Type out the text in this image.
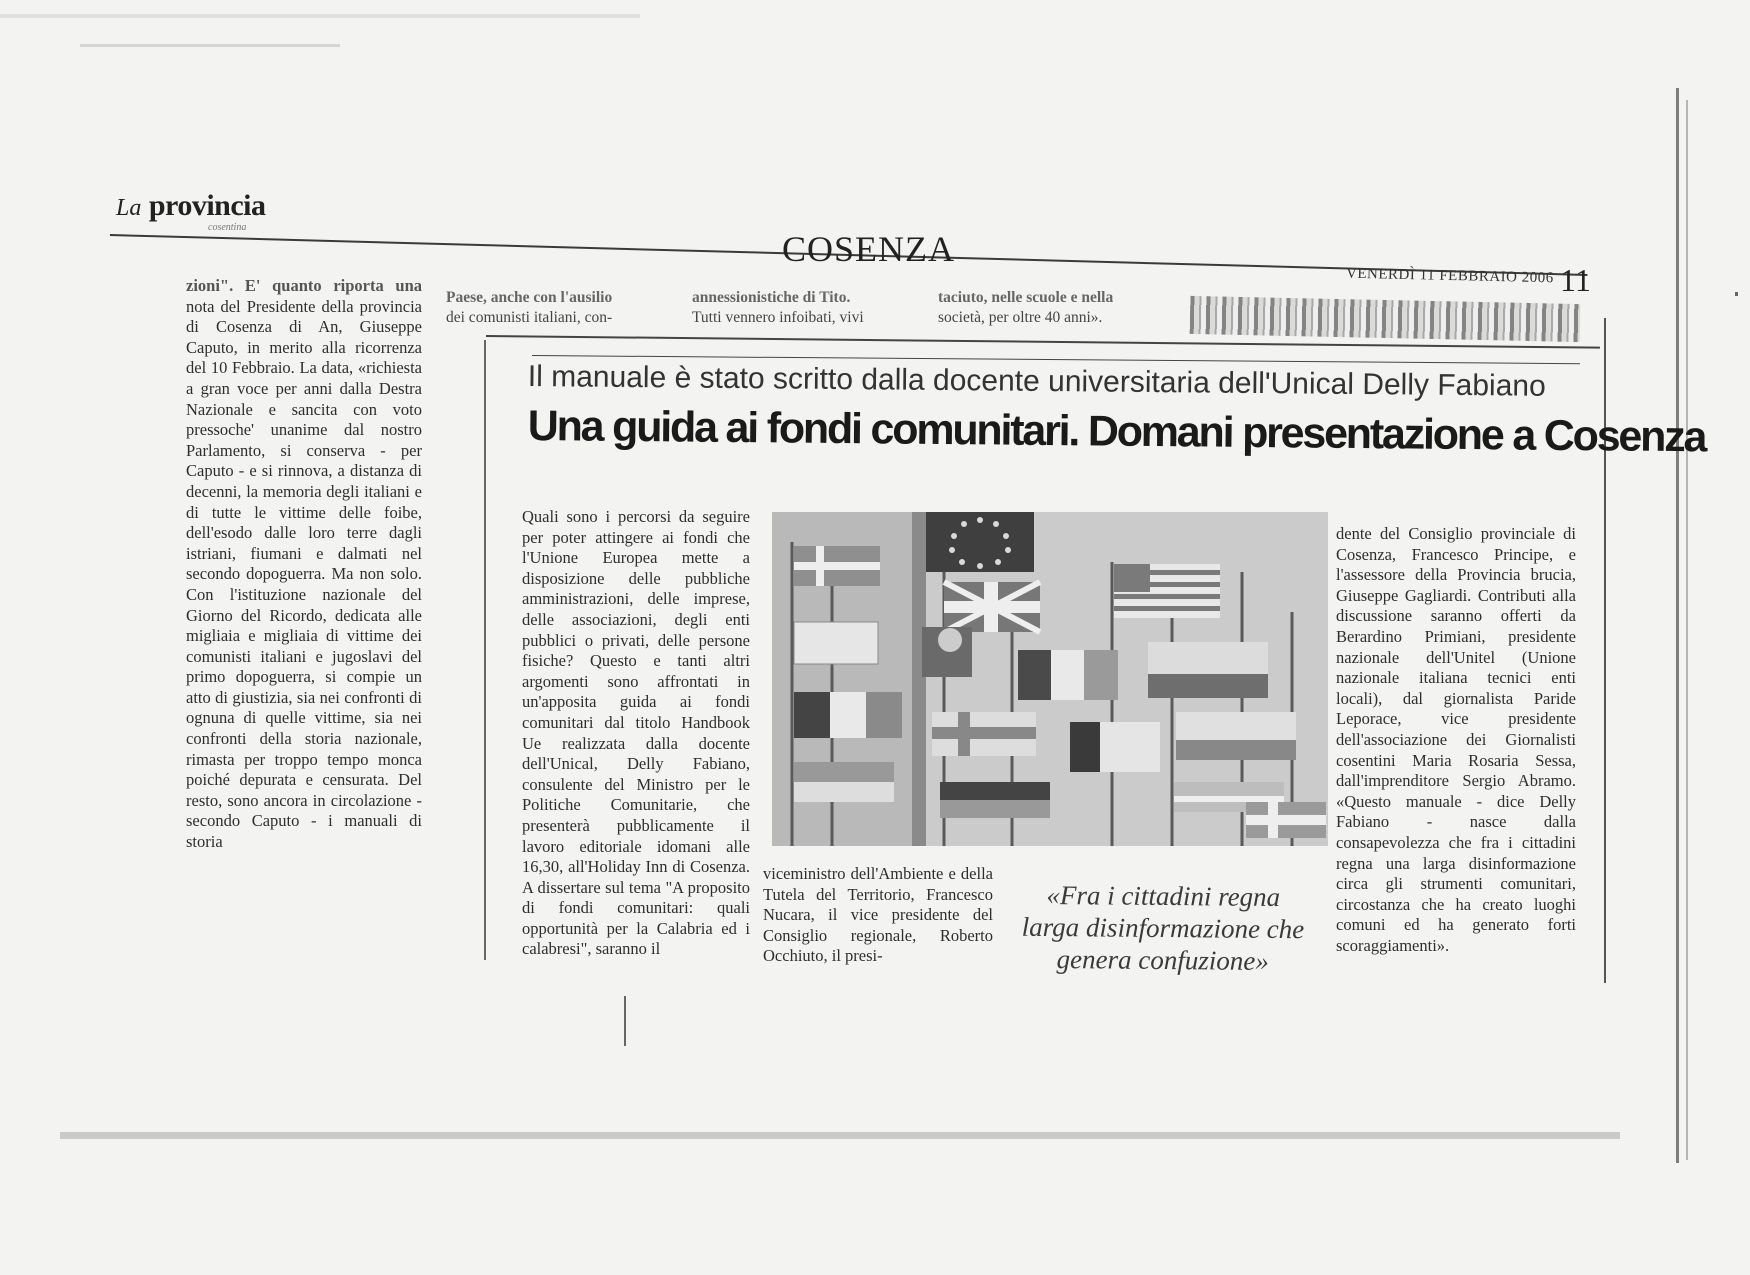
La provincia
cosentina
COSENZA
VENERDÌ 11 FEBBRAIO 2006 11
zioni". E' quanto riporta una nota del Presidente della provincia di Cosenza di An, Giuseppe Caputo, in merito alla ricorrenza del 10 Febbraio. La data, «richiesta a gran voce per anni dalla Destra Nazionale e sancita con voto pressoche' unanime dal nostro Parlamento, si conserva - per Caputo - e si rinnova, a distanza di decenni, la memoria degli italiani e di tutte le vittime delle foibe, dell'esodo dalle loro terre dagli istriani, fiumani e dalmati nel secondo dopoguerra. Ma non solo. Con l'istituzione nazionale del Giorno del Ricordo, dedicata alle migliaia e migliaia di vittime dei comunisti italiani e jugoslavi del primo dopoguerra, si compie un atto di giustizia, sia nei confronti di ognuna di quelle vittime, sia nei confronti della storia nazionale, rimasta per troppo tempo monca poiché depurata e censurata. Del resto, sono ancora in circolazione - secondo Caputo - i manuali di storia
Paese, anche con l'ausilio
dei comunisti italiani, con-
annessionistiche di Tito.
Tutti vennero infoibati, vivi
taciuto, nelle scuole e nella
società, per oltre 40 anni».
Il manuale è stato scritto dalla docente universitaria dell'Unical Delly Fabiano
Una guida ai fondi comunitari. Domani presentazione a Cosenza
Quali sono i percorsi da seguire per poter attingere ai fondi che l'Unione Europea mette a disposizione delle pubbliche amministrazioni, delle imprese, delle associazioni, degli enti pubblici o privati, delle persone fisiche? Questo e tanti altri argomenti sono affrontati in un'apposita guida ai fondi comunitari dal titolo Handbook Ue realizzata dalla docente dell'Unical, Delly Fabiano, consulente del Ministro per le Politiche Comunitarie, che presenterà pubblicamente il lavoro editoriale idomani alle 16,30, all'Holiday Inn di Cosenza. A dissertare sul tema "A proposito di fondi comunitari: quali opportunità per la Calabria ed i calabresi", saranno il
viceministro dell'Ambiente e della Tutela del Territorio, Francesco Nucara, il vice presidente del Consiglio regionale, Roberto Occhiuto, il presi-
«Fra i cittadini regna larga disinformazione che genera confuzione»
dente del Consiglio provinciale di Cosenza, Francesco Principe, e l'assessore della Provincia brucia, Giuseppe Gagliardi. Contributi alla discussione saranno offerti da Berardino Primiani, presidente nazionale dell'Unitel (Unione nazionale italiana tecnici enti locali), dal giornalista Paride Leporace, vice presidente dell'associazione dei Giornalisti cosentini Maria Rosaria Sessa, dall'imprenditore Sergio Abramo. «Questo manuale - dice Delly Fabiano - nasce dalla consapevolezza che fra i cittadini regna una larga disinformazione circa gli strumenti comunitari, circostanza che ha creato luoghi comuni ed ha generato forti scoraggiamenti».
